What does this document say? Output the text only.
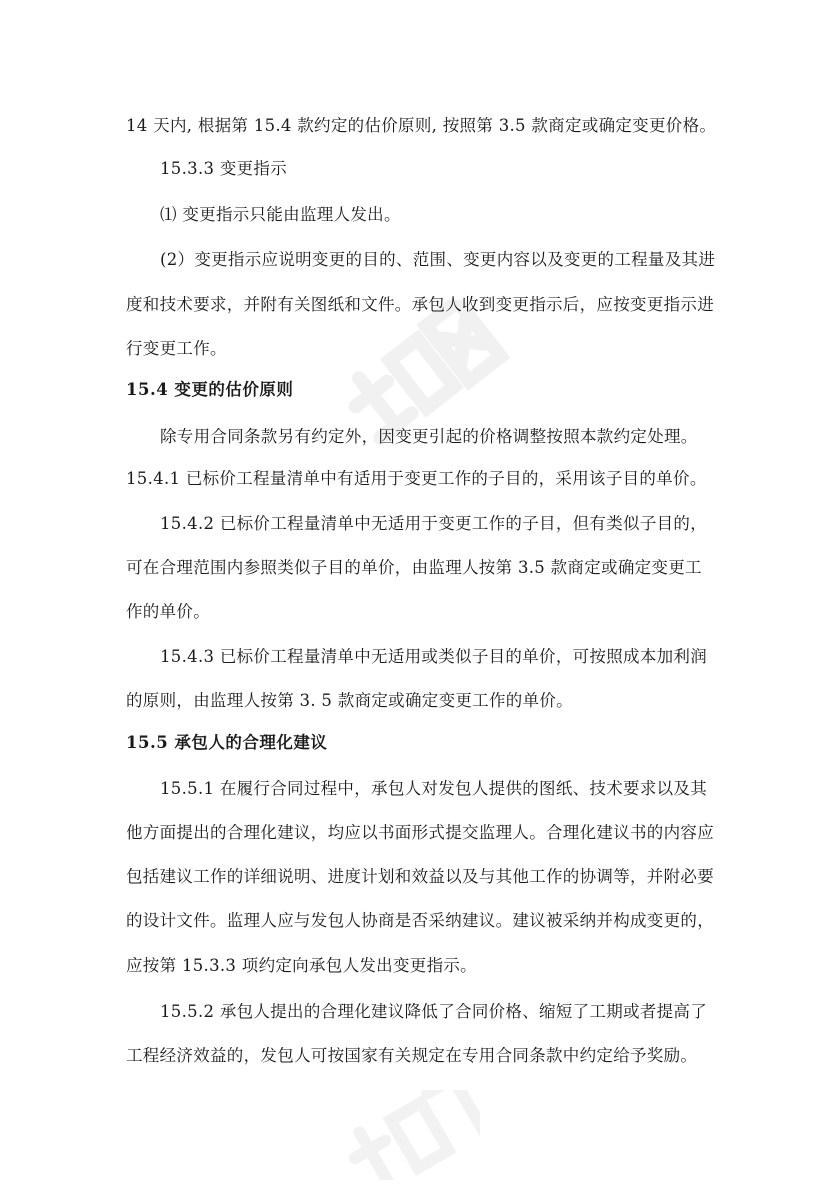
14 天内, 根据第 15.4 款约定的估价原则, 按照第 3.5 款商定或确定变更价格。
15.3.3 变更指示
⑴ 变更指示只能由监理人发出。
(2）变更指示应说明变更的目的、范围、变更内容以及变更的工程量及其进
度和技术要求，并附有关图纸和文件。承包人收到变更指示后，应按变更指示进
行变更工作。
15.4 变更的估价原则
除专用合同条款另有约定外，因变更引起的价格调整按照本款约定处理。
15.4.1 已标价工程量清单中有适用于变更工作的子目的，采用该子目的单价。
15.4.2 已标价工程量清单中无适用于变更工作的子目，但有类似子目的，
可在合理范围内参照类似子目的单价，由监理人按第 3.5 款商定或确定变更工
作的单价。
15.4.3 已标价工程量清单中无适用或类似子目的单价，可按照成本加利润
的原则，由监理人按第 3. 5 款商定或确定变更工作的单价。
15.5 承包人的合理化建议
15.5.1 在履行合同过程中，承包人对发包人提供的图纸、技术要求以及其
他方面提出的合理化建议，均应以书面形式提交监理人。合理化建议书的内容应
包括建议工作的详细说明、进度计划和效益以及与其他工作的协调等，并附必要
的设计文件。监理人应与发包人协商是否采纳建议。建议被采纳并构成变更的，
应按第 15.3.3 项约定向承包人发出变更指示。
15.5.2 承包人提出的合理化建议降低了合同价格、缩短了工期或者提高了
工程经济效益的，发包人可按国家有关规定在专用合同条款中约定给予奖励。
